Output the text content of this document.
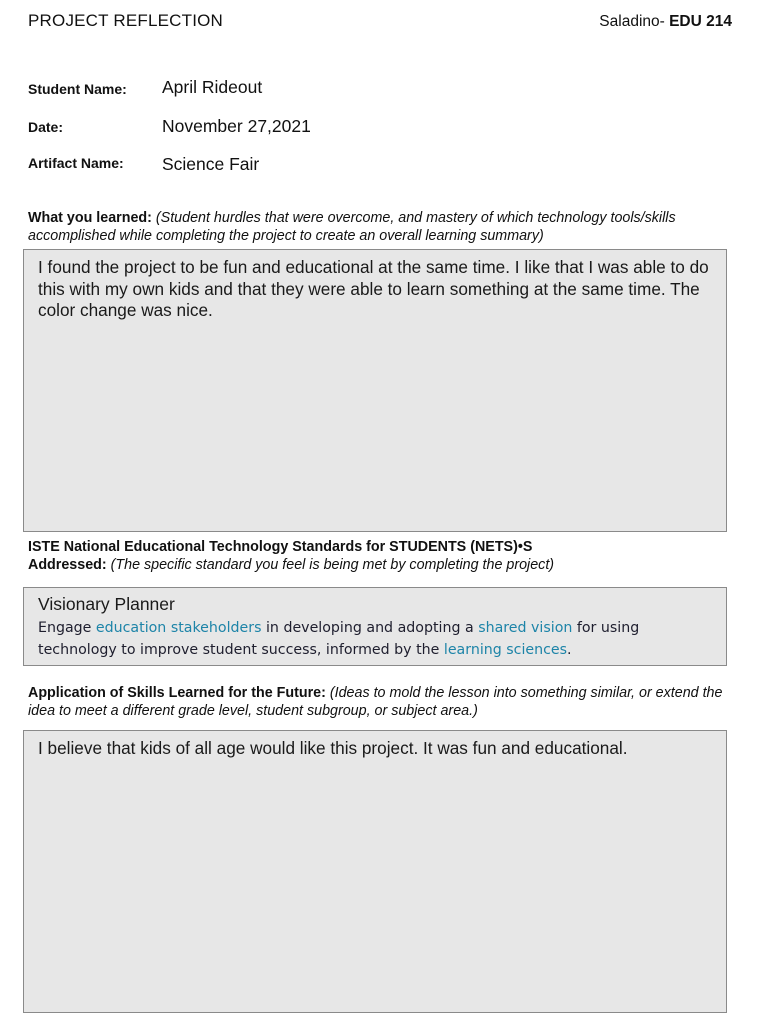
PROJECT REFLECTION	Saladino- EDU 214
Student Name: April Rideout
Date:	November 27,2021
Artifact Name: Science Fair
What you learned: (Student hurdles that were overcome, and mastery of which technology tools/skills accomplished while completing the project to create an overall learning summary)
I found the project to be fun and educational at the same time. I like that I was able to do this with my own kids and that they were able to learn something at the same time. The color change was nice.
ISTE National Educational Technology Standards for STUDENTS (NETS)•S
Addressed: (The specific standard you feel is being met by completing the project)
Visionary Planner
Engage education stakeholders in developing and adopting a shared vision for using technology to improve student success, informed by the learning sciences.
Application of Skills Learned for the Future: (Ideas to mold the lesson into something similar, or extend the idea to meet a different grade level, student subgroup, or subject area.)
I believe that kids of all age would like this project. It was fun and educational.
